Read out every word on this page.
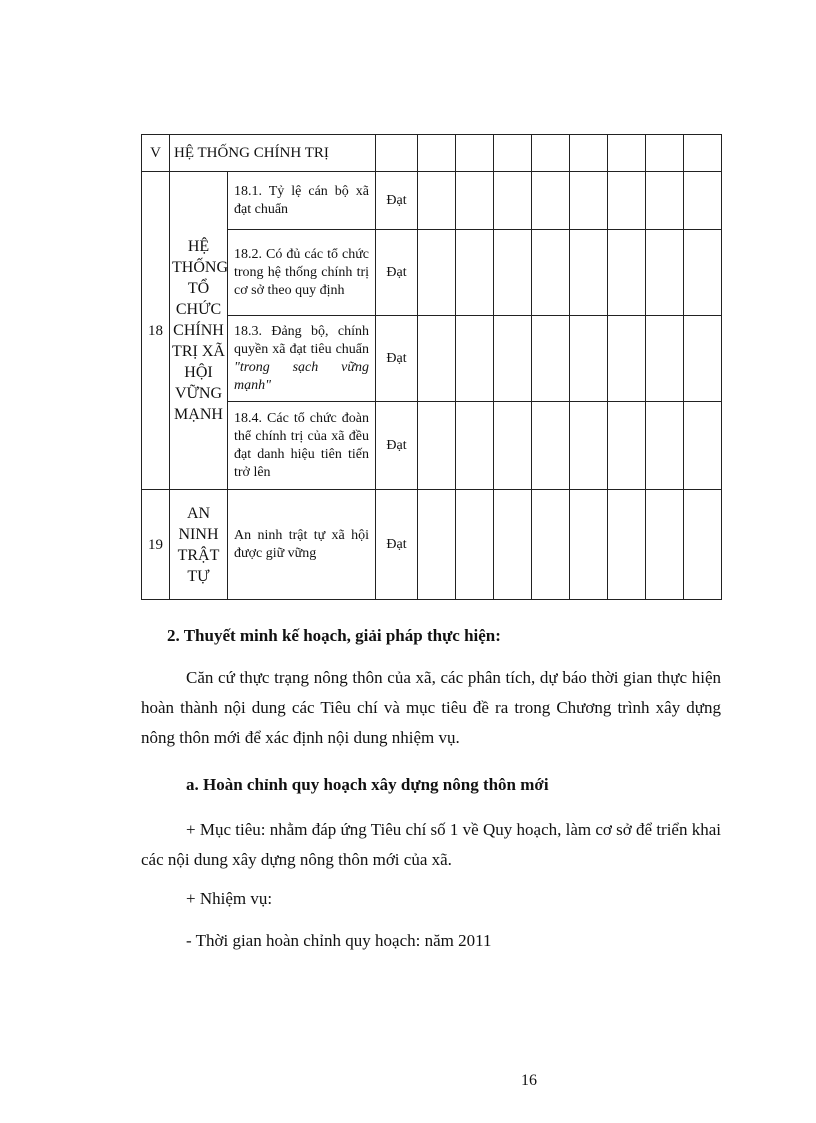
V	HỆ THỐNG CHÍNH TRỊ										
18	HỆ THỐNG TỔ CHỨC CHÍNH TRỊ XÃ HỘI VỮNG MẠNH	18.1. Tỷ lệ cán bộ xã đạt chuẩn	Đạt								
		18.2. Có đủ các tổ chức trong hệ thống chính trị cơ sở theo quy định	Đạt								
		18.3. Đảng bộ, chính quyền xã đạt tiêu chuẩn "trong sạch vững mạnh"	Đạt								
		18.4. Các tổ chức đoàn thể chính trị của xã đều đạt danh hiệu tiên tiến trở lên	Đạt								
19	AN NINH TRẬT TỰ	An ninh trật tự xã hội được giữ vững	Đạt								
2. Thuyết minh kế hoạch, giải pháp thực hiện:
Căn cứ thực trạng nông thôn của xã, các phân tích, dự báo thời gian thực hiện hoàn thành nội dung các Tiêu chí và mục tiêu đề ra trong Chương trình xây dựng nông thôn mới để xác định nội dung nhiệm vụ.
a. Hoàn chỉnh quy hoạch xây dựng nông thôn mới
+ Mục tiêu: nhằm đáp ứng Tiêu chí số 1 về Quy hoạch, làm cơ sở để triển khai các nội dung xây dựng nông thôn mới của xã.
+ Nhiệm vụ:
- Thời gian hoàn chỉnh quy hoạch: năm 2011
16
